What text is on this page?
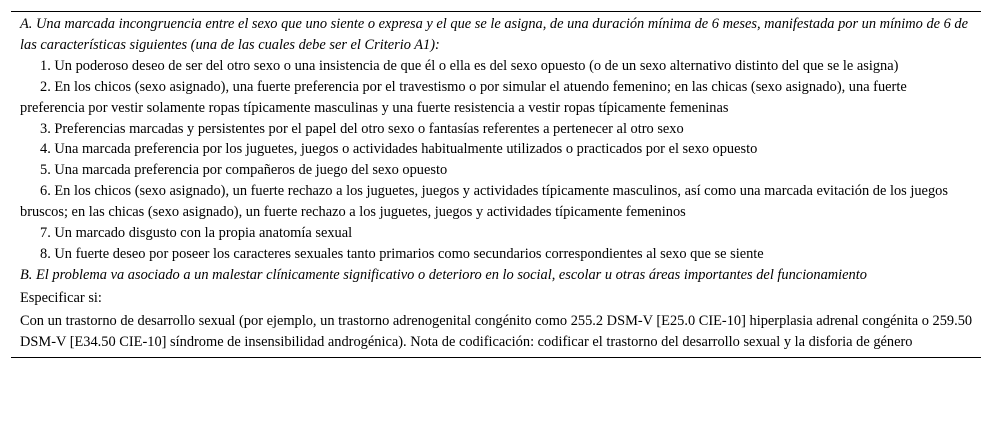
A. Una marcada incongruencia entre el sexo que uno siente o expresa y el que se le asigna, de una duración mínima de 6 meses, manifestada por un mínimo de 6 de las características siguientes (una de las cuales debe ser el Criterio A1):

1. Un poderoso deseo de ser del otro sexo o una insistencia de que él o ella es del sexo opuesto (o de un sexo alternativo distinto del que se le asigna)

2. En los chicos (sexo asignado), una fuerte preferencia por el travestismo o por simular el atuendo femenino; en las chicas (sexo asignado), una fuerte preferencia por vestir solamente ropas típicamente masculinas y una fuerte resistencia a vestir ropas típicamente femeninas

3. Preferencias marcadas y persistentes por el papel del otro sexo o fantasías referentes a pertenecer al otro sexo

4. Una marcada preferencia por los juguetes, juegos o actividades habitualmente utilizados o practicados por el sexo opuesto

5. Una marcada preferencia por compañeros de juego del sexo opuesto

6. En los chicos (sexo asignado), un fuerte rechazo a los juguetes, juegos y actividades típicamente masculinos, así como una marcada evitación de los juegos bruscos; en las chicas (sexo asignado), un fuerte rechazo a los juguetes, juegos y actividades típicamente femeninos

7. Un marcado disgusto con la propia anatomía sexual

8. Un fuerte deseo por poseer los caracteres sexuales tanto primarios como secundarios correspondientes al sexo que se siente

B. El problema va asociado a un malestar clínicamente significativo o deterioro en lo social, escolar u otras áreas importantes del funcionamiento

Especificar si:

Con un trastorno de desarrollo sexual (por ejemplo, un trastorno adrenogenital congénito como 255.2 DSM-V [E25.0 CIE-10] hiperplasia adrenal congénita o 259.50 DSM-V [E34.50 CIE-10] síndrome de insensibilidad androgénica). Nota de codificación: codificar el trastorno del desarrollo sexual y la disforia de género
